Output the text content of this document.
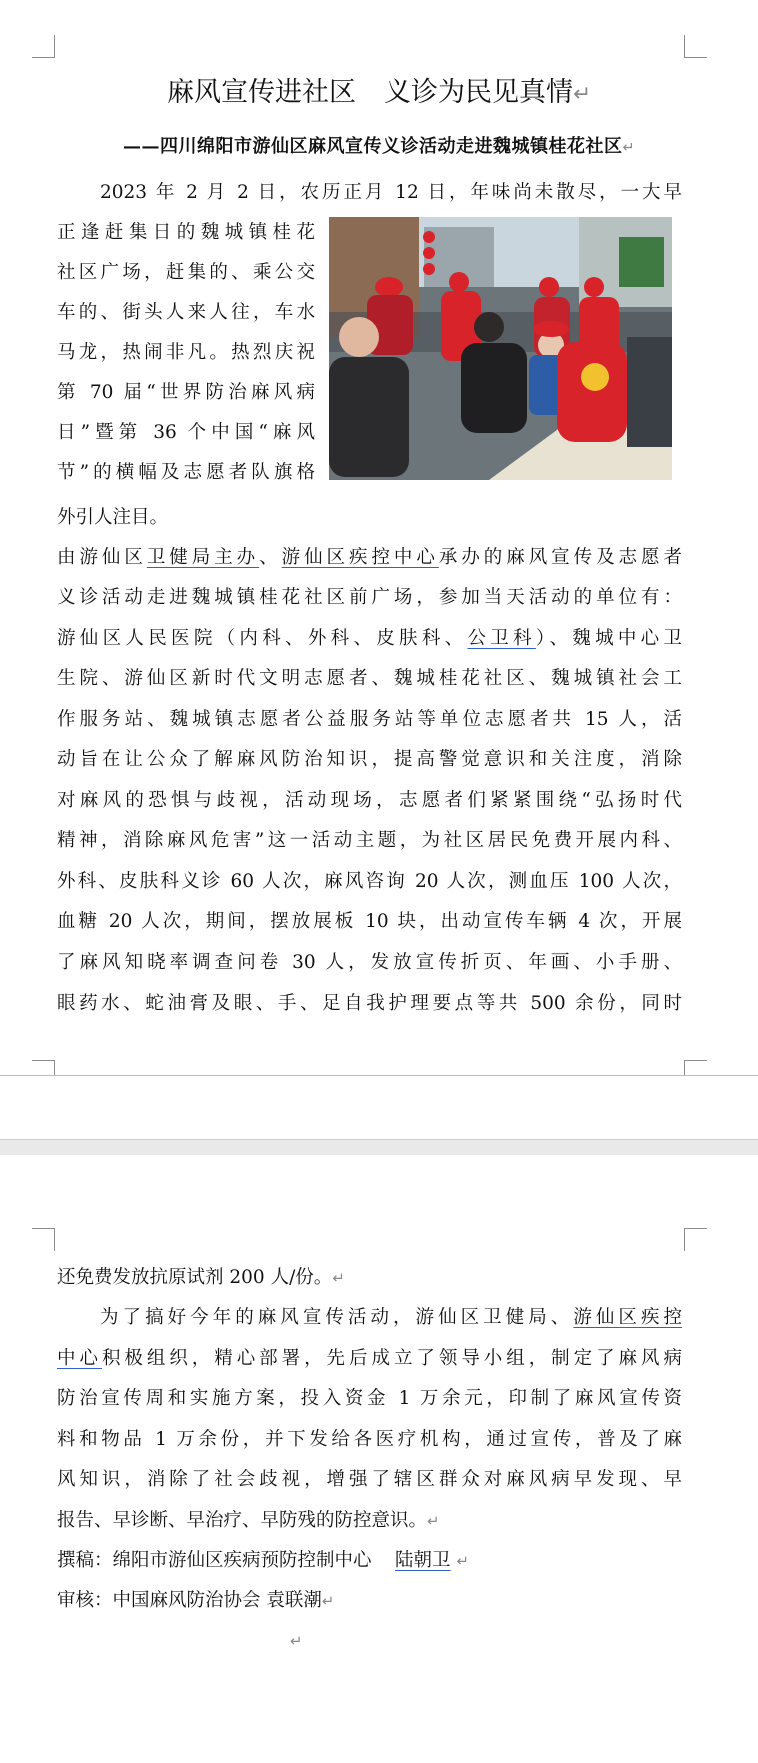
麻风宣传进社区 义诊为民见真情↵
——四川绵阳市游仙区麻风宣传义诊活动走进魏城镇桂花社区↵
2023 年 2 月 2 日，农历正月 12 日，年味尚未散尽，一大早
正逢赶集日的魏城镇桂花
社区广场，赶集的、乘公交
车的、街头人来人往，车水
马龙，热闹非凡。热烈庆祝
第 70 届“世界防治麻风病
日”暨第 36 个中国“麻风
节”的横幅及志愿者队旗格
外引人注目。
由游仙区卫健局主办、游仙区疾控中心承办的麻风宣传及志愿者
义诊活动走进魏城镇桂花社区前广场，参加当天活动的单位有：
游仙区人民医院（内科、外科、皮肤科、公卫科）、魏城中心卫
生院、游仙区新时代文明志愿者、魏城桂花社区、魏城镇社会工
作服务站、魏城镇志愿者公益服务站等单位志愿者共 15 人，活
动旨在让公众了解麻风防治知识，提高警觉意识和关注度，消除
对麻风的恐惧与歧视，活动现场，志愿者们紧紧围绕“弘扬时代
精神，消除麻风危害”这一活动主题，为社区居民免费开展内科、
外科、皮肤科义诊 60 人次，麻风咨询 20 人次，测血压 100 人次，
血糖 20 人次，期间，摆放展板 10 块，出动宣传车辆 4 次，开展
了麻风知晓率调查问卷 30 人，发放宣传折页、年画、小手册、
眼药水、蛇油膏及眼、手、足自我护理要点等共 500 余份，同时
还免费发放抗原试剂 200 人/份。↵
为了搞好今年的麻风宣传活动，游仙区卫健局、游仙区疾控
中心积极组织，精心部署，先后成立了领导小组，制定了麻风病
防治宣传周和实施方案，投入资金 1 万余元，印制了麻风宣传资
料和物品 1 万余份，并下发给各医疗机构，通过宣传，普及了麻
风知识，消除了社会歧视，增强了辖区群众对麻风病早发现、早
报告、早诊断、早治疗、早防残的防控意识。↵
撰稿：绵阳市游仙区疾病预防控制中心 陆朝卫 ↵
审核：中国麻风防治协会 袁联潮↵
↵
